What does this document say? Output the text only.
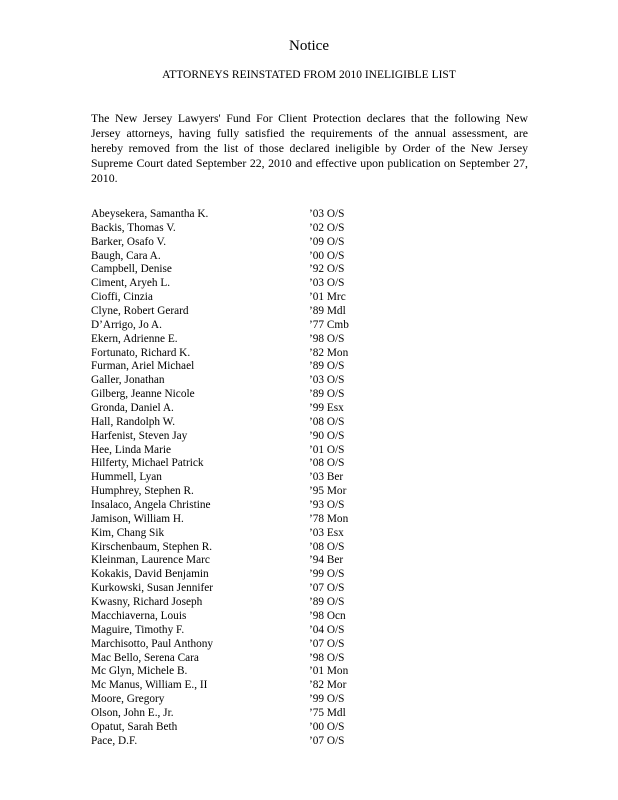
Notice
ATTORNEYS REINSTATED FROM 2010 INELIGIBLE LIST

The New Jersey Lawyers' Fund For Client Protection declares that the following New Jersey attorneys, having fully satisfied the requirements of the annual assessment, are hereby removed from the list of those declared ineligible by Order of the New Jersey Supreme Court dated September 22, 2010 and effective upon publication on September 27, 2010.

Abeysekera, Samantha K.	’03 O/S
Backis, Thomas V.	’02 O/S
Barker, Osafo V.	’09 O/S
Baugh, Cara A.	’00 O/S
Campbell, Denise	’92 O/S
Ciment, Aryeh L.	’03 O/S
Cioffi, Cinzia	’01 Mrc
Clyne, Robert Gerard	’89 Mdl
D’Arrigo, Jo A.	’77 Cmb
Ekern, Adrienne E.	’98 O/S
Fortunato, Richard K.	’82 Mon
Furman, Ariel Michael	’89 O/S
Galler, Jonathan	’03 O/S
Gilberg, Jeanne Nicole	’89 O/S
Gronda, Daniel A.	’99 Esx
Hall, Randolph W.	’08 O/S
Harfenist, Steven Jay	’90 O/S
Hee, Linda Marie	’01 O/S
Hilferty, Michael Patrick	’08 O/S
Hummell, Lyan	’03 Ber
Humphrey, Stephen R.	’95 Mor
Insalaco, Angela Christine	’93 O/S
Jamison, William H.	’78 Mon
Kim, Chang Sik	’03 Esx
Kirschenbaum, Stephen R.	’08 O/S
Kleinman, Laurence Marc	’94 Ber
Kokakis, David Benjamin	’99 O/S
Kurkowski, Susan Jennifer	’07 O/S
Kwasny, Richard Joseph	’89 O/S
Macchiaverna, Louis	’98 Ocn
Maguire, Timothy F.	’04 O/S
Marchisotto, Paul Anthony	’07 O/S
Mac Bello, Serena Cara	’98 O/S
Mc Glyn, Michele B.	’01 Mon
Mc Manus, William E., II	’82 Mor
Moore, Gregory	’99 O/S
Olson, John E., Jr.	’75 Mdl
Opatut, Sarah Beth	’00 O/S
Pace, D.F.	’07 O/S
